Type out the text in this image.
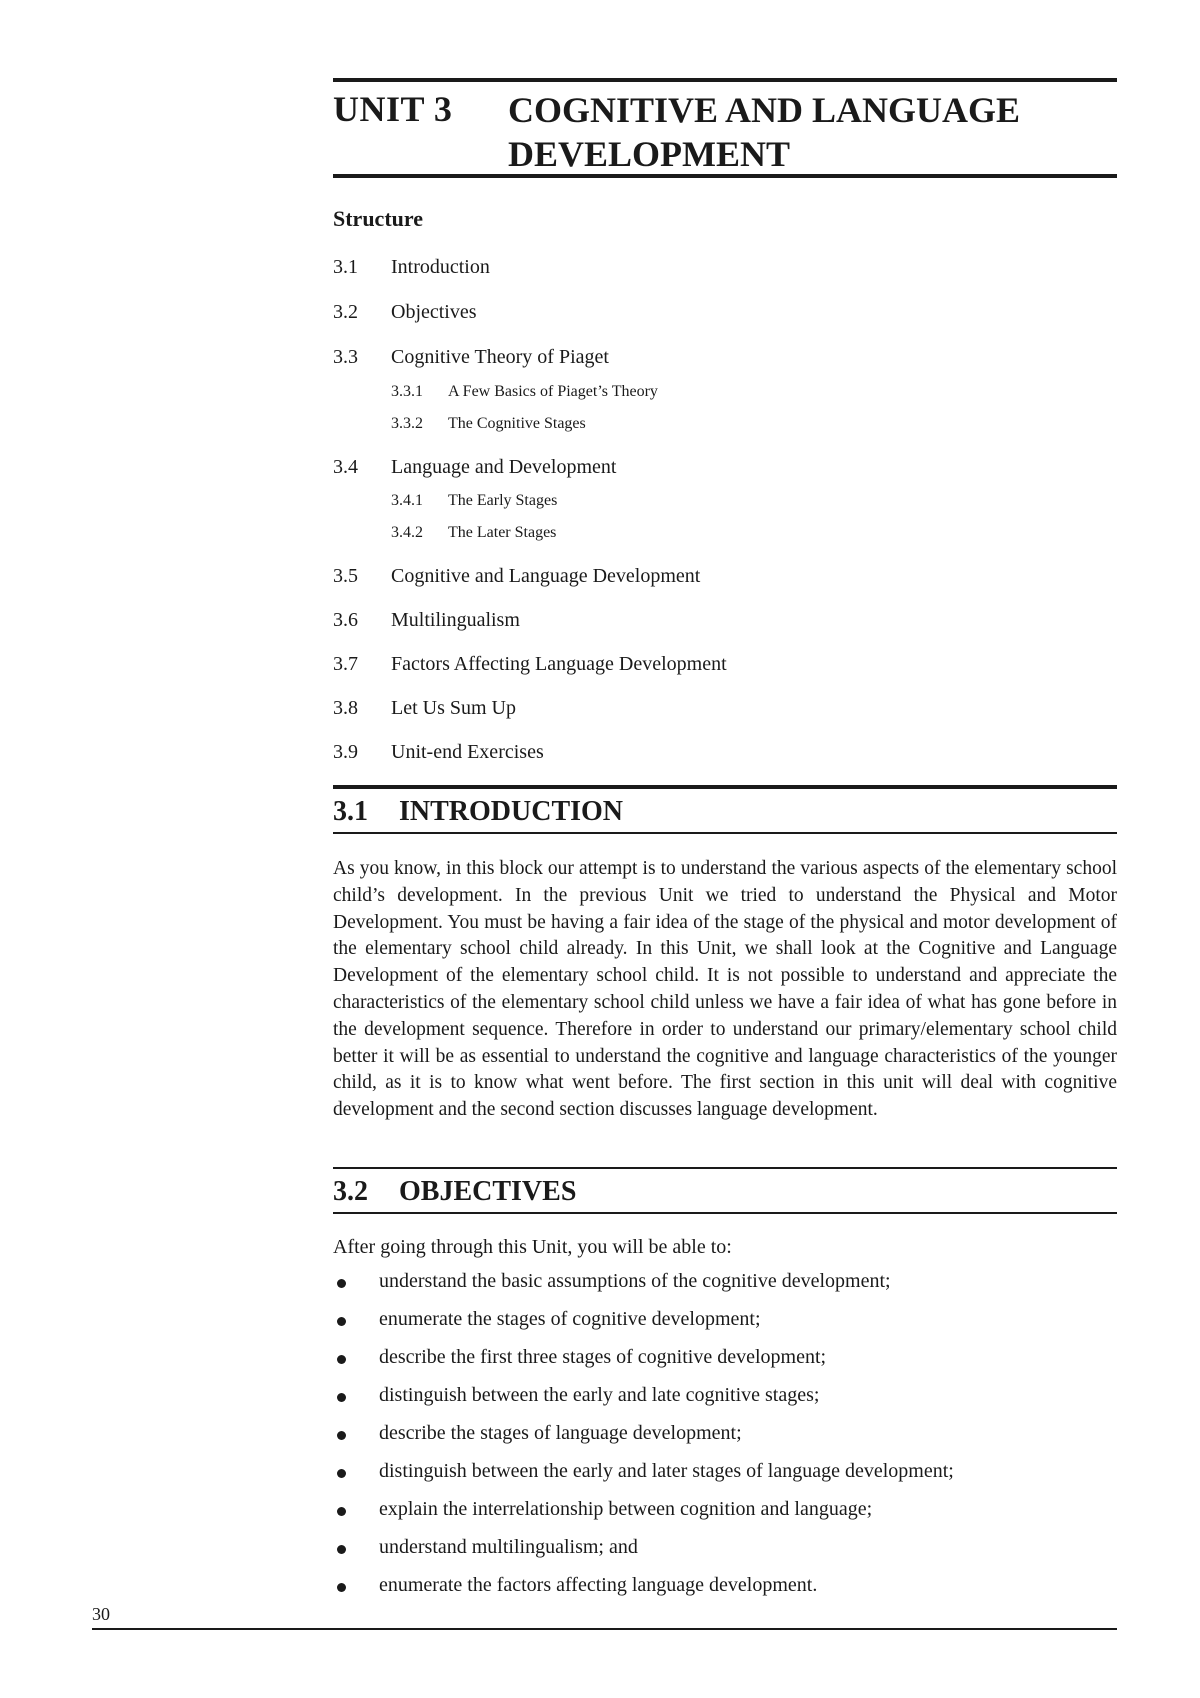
UNIT 3 COGNITIVE AND LANGUAGE
DEVELOPMENT
Structure
3.1 Introduction
3.2 Objectives
3.3 Cognitive Theory of Piaget
3.3.1 A Few Basics of Piaget’s Theory
3.3.2 The Cognitive Stages
3.4 Language and Development
3.4.1 The Early Stages
3.4.2 The Later Stages
3.5 Cognitive and Language Development
3.6 Multilingualism
3.7 Factors Affecting Language Development
3.8 Let Us Sum Up
3.9 Unit-end Exercises
3.1 INTRODUCTION

As you know, in this block our attempt is to understand the various aspects of the elementary school child’s development. In the previous Unit we tried to understand the Physical and Motor Development. You must be having a fair idea of the stage of the physical and motor development of the elementary school child already. In this Unit, we shall look at the Cognitive and Language Development of the elementary school child. It is not possible to understand and appreciate the characteristics of the elementary school child unless we have a fair idea of what has gone before in the development sequence. Therefore in order to understand our primary/elementary school child better it will be as essential to understand the cognitive and language characteristics of the younger child, as it is to know what went before. The first section in this unit will deal with cognitive development and the second section discusses language development.

3.2 OBJECTIVES
After going through this Unit, you will be able to:
understand the basic assumptions of the cognitive development;
enumerate the stages of cognitive development;
describe the first three stages of cognitive development;
distinguish between the early and late cognitive stages;
describe the stages of language development;
distinguish between the early and later stages of language development;
explain the interrelationship between cognition and language;
understand multilingualism; and
enumerate the factors affecting language development.
30
